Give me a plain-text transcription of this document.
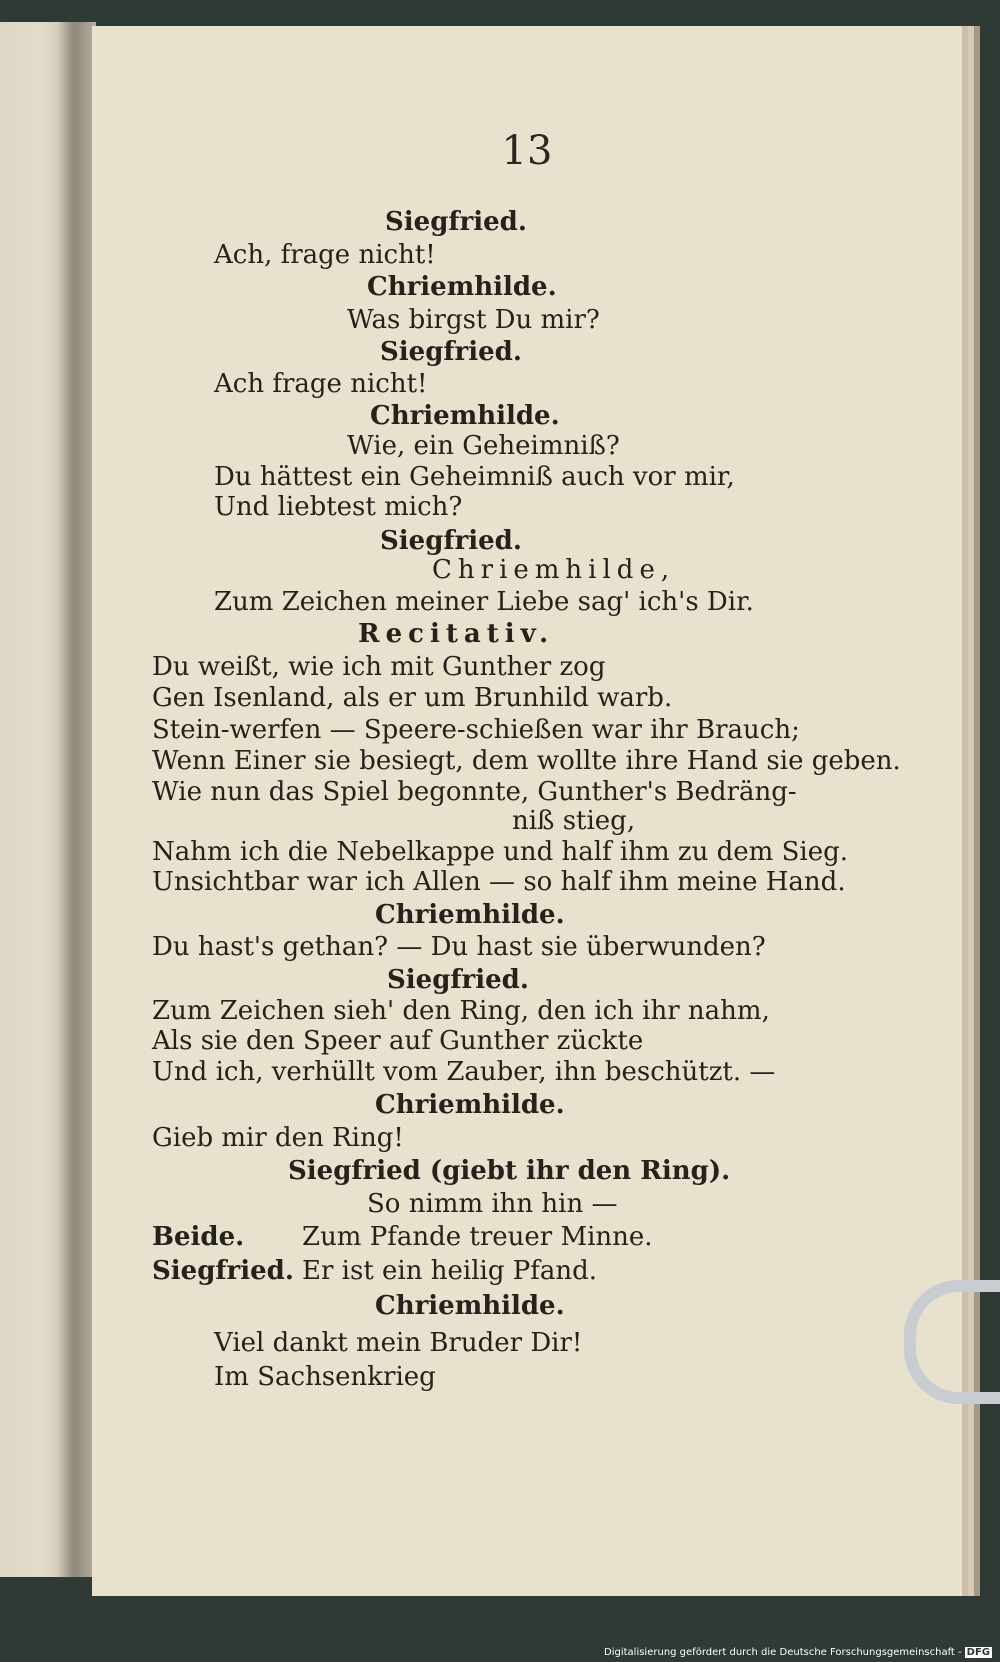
13
Siegfried.
Ach, frage nicht!
Chriemhilde.
Was birgst Du mir?
Siegfried.
Ach frage nicht!
Chriemhilde.
Wie, ein Geheimniß?
Du hättest ein Geheimniß auch vor mir,
Und liebtest mich?
Siegfried.
Chriemhilde,
Zum Zeichen meiner Liebe sag' ich's Dir.
Recitativ.
Du weißt, wie ich mit Gunther zog
Gen Isenland, als er um Brunhild warb.
Stein-werfen — Speere-schießen war ihr Brauch;
Wenn Einer sie besiegt, dem wollte ihre Hand sie geben.
Wie nun das Spiel begonnte, Gunther's Bedräng-
niß stieg,
Nahm ich die Nebelkappe und half ihm zu dem Sieg.
Unsichtbar war ich Allen — so half ihm meine Hand.
Chriemhilde.
Du hast's gethan? — Du hast sie überwunden?
Siegfried.
Zum Zeichen sieh' den Ring, den ich ihr nahm,
Als sie den Speer auf Gunther zückte
Und ich, verhüllt vom Zauber, ihn beschützt. —
Chriemhilde.
Gieb mir den Ring!
Siegfried (giebt ihr den Ring).
So nimm ihn hin —
Beide. Zum Pfande treuer Minne.
Siegfried. Er ist ein heilig Pfand.
Chriemhilde.
Viel dankt mein Bruder Dir!
Im Sachsenkrieg
Digitalisierung gefördert durch die Deutsche Forschungsgemeinschaft - DFG
